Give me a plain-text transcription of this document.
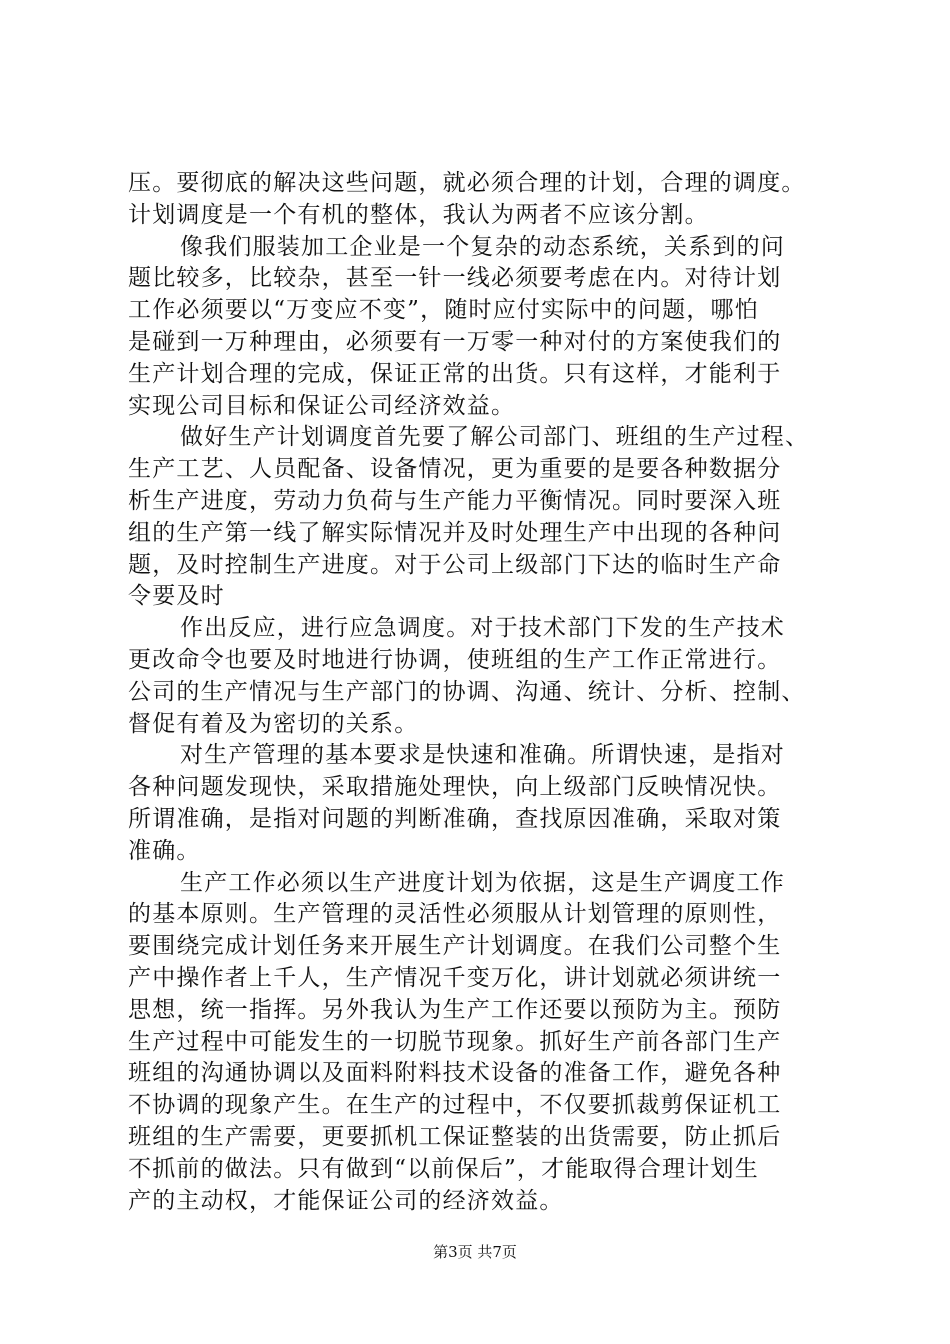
压。要彻底的解决这些问题，就必须合理的计划，合理的调度。
计划调度是一个有机的整体，我认为两者不应该分割。
像我们服装加工企业是一个复杂的动态系统，关系到的问
题比较多，比较杂，甚至一针一线必须要考虑在内。对待计划
工作必须要以“万变应不变”，随时应付实际中的问题，哪怕
是碰到一万种理由，必须要有一万零一种对付的方案使我们的
生产计划合理的完成，保证正常的出货。只有这样，才能利于
实现公司目标和保证公司经济效益。
做好生产计划调度首先要了解公司部门、班组的生产过程、
生产工艺、人员配备、设备情况，更为重要的是要各种数据分
析生产进度，劳动力负荷与生产能力平衡情况。同时要深入班
组的生产第一线了解实际情况并及时处理生产中出现的各种问
题，及时控制生产进度。对于公司上级部门下达的临时生产命
令要及时
作出反应，进行应急调度。对于技术部门下发的生产技术
更改命令也要及时地进行协调，使班组的生产工作正常进行。
公司的生产情况与生产部门的协调、沟通、统计、分析、控制、
督促有着及为密切的关系。
对生产管理的基本要求是快速和准确。所谓快速，是指对
各种问题发现快，采取措施处理快，向上级部门反映情况快。
所谓准确，是指对问题的判断准确，查找原因准确，采取对策
准确。
生产工作必须以生产进度计划为依据，这是生产调度工作
的基本原则。生产管理的灵活性必须服从计划管理的原则性，
要围绕完成计划任务来开展生产计划调度。在我们公司整个生
产中操作者上千人，生产情况千变万化，讲计划就必须讲统一
思想，统一指挥。另外我认为生产工作还要以预防为主。预防
生产过程中可能发生的一切脱节现象。抓好生产前各部门生产
班组的沟通协调以及面料附料技术设备的准备工作，避免各种
不协调的现象产生。在生产的过程中，不仅要抓裁剪保证机工
班组的生产需要，更要抓机工保证整装的出货需要，防止抓后
不抓前的做法。只有做到“以前保后”，才能取得合理计划生
产的主动权，才能保证公司的经济效益。
第3页 共7页
